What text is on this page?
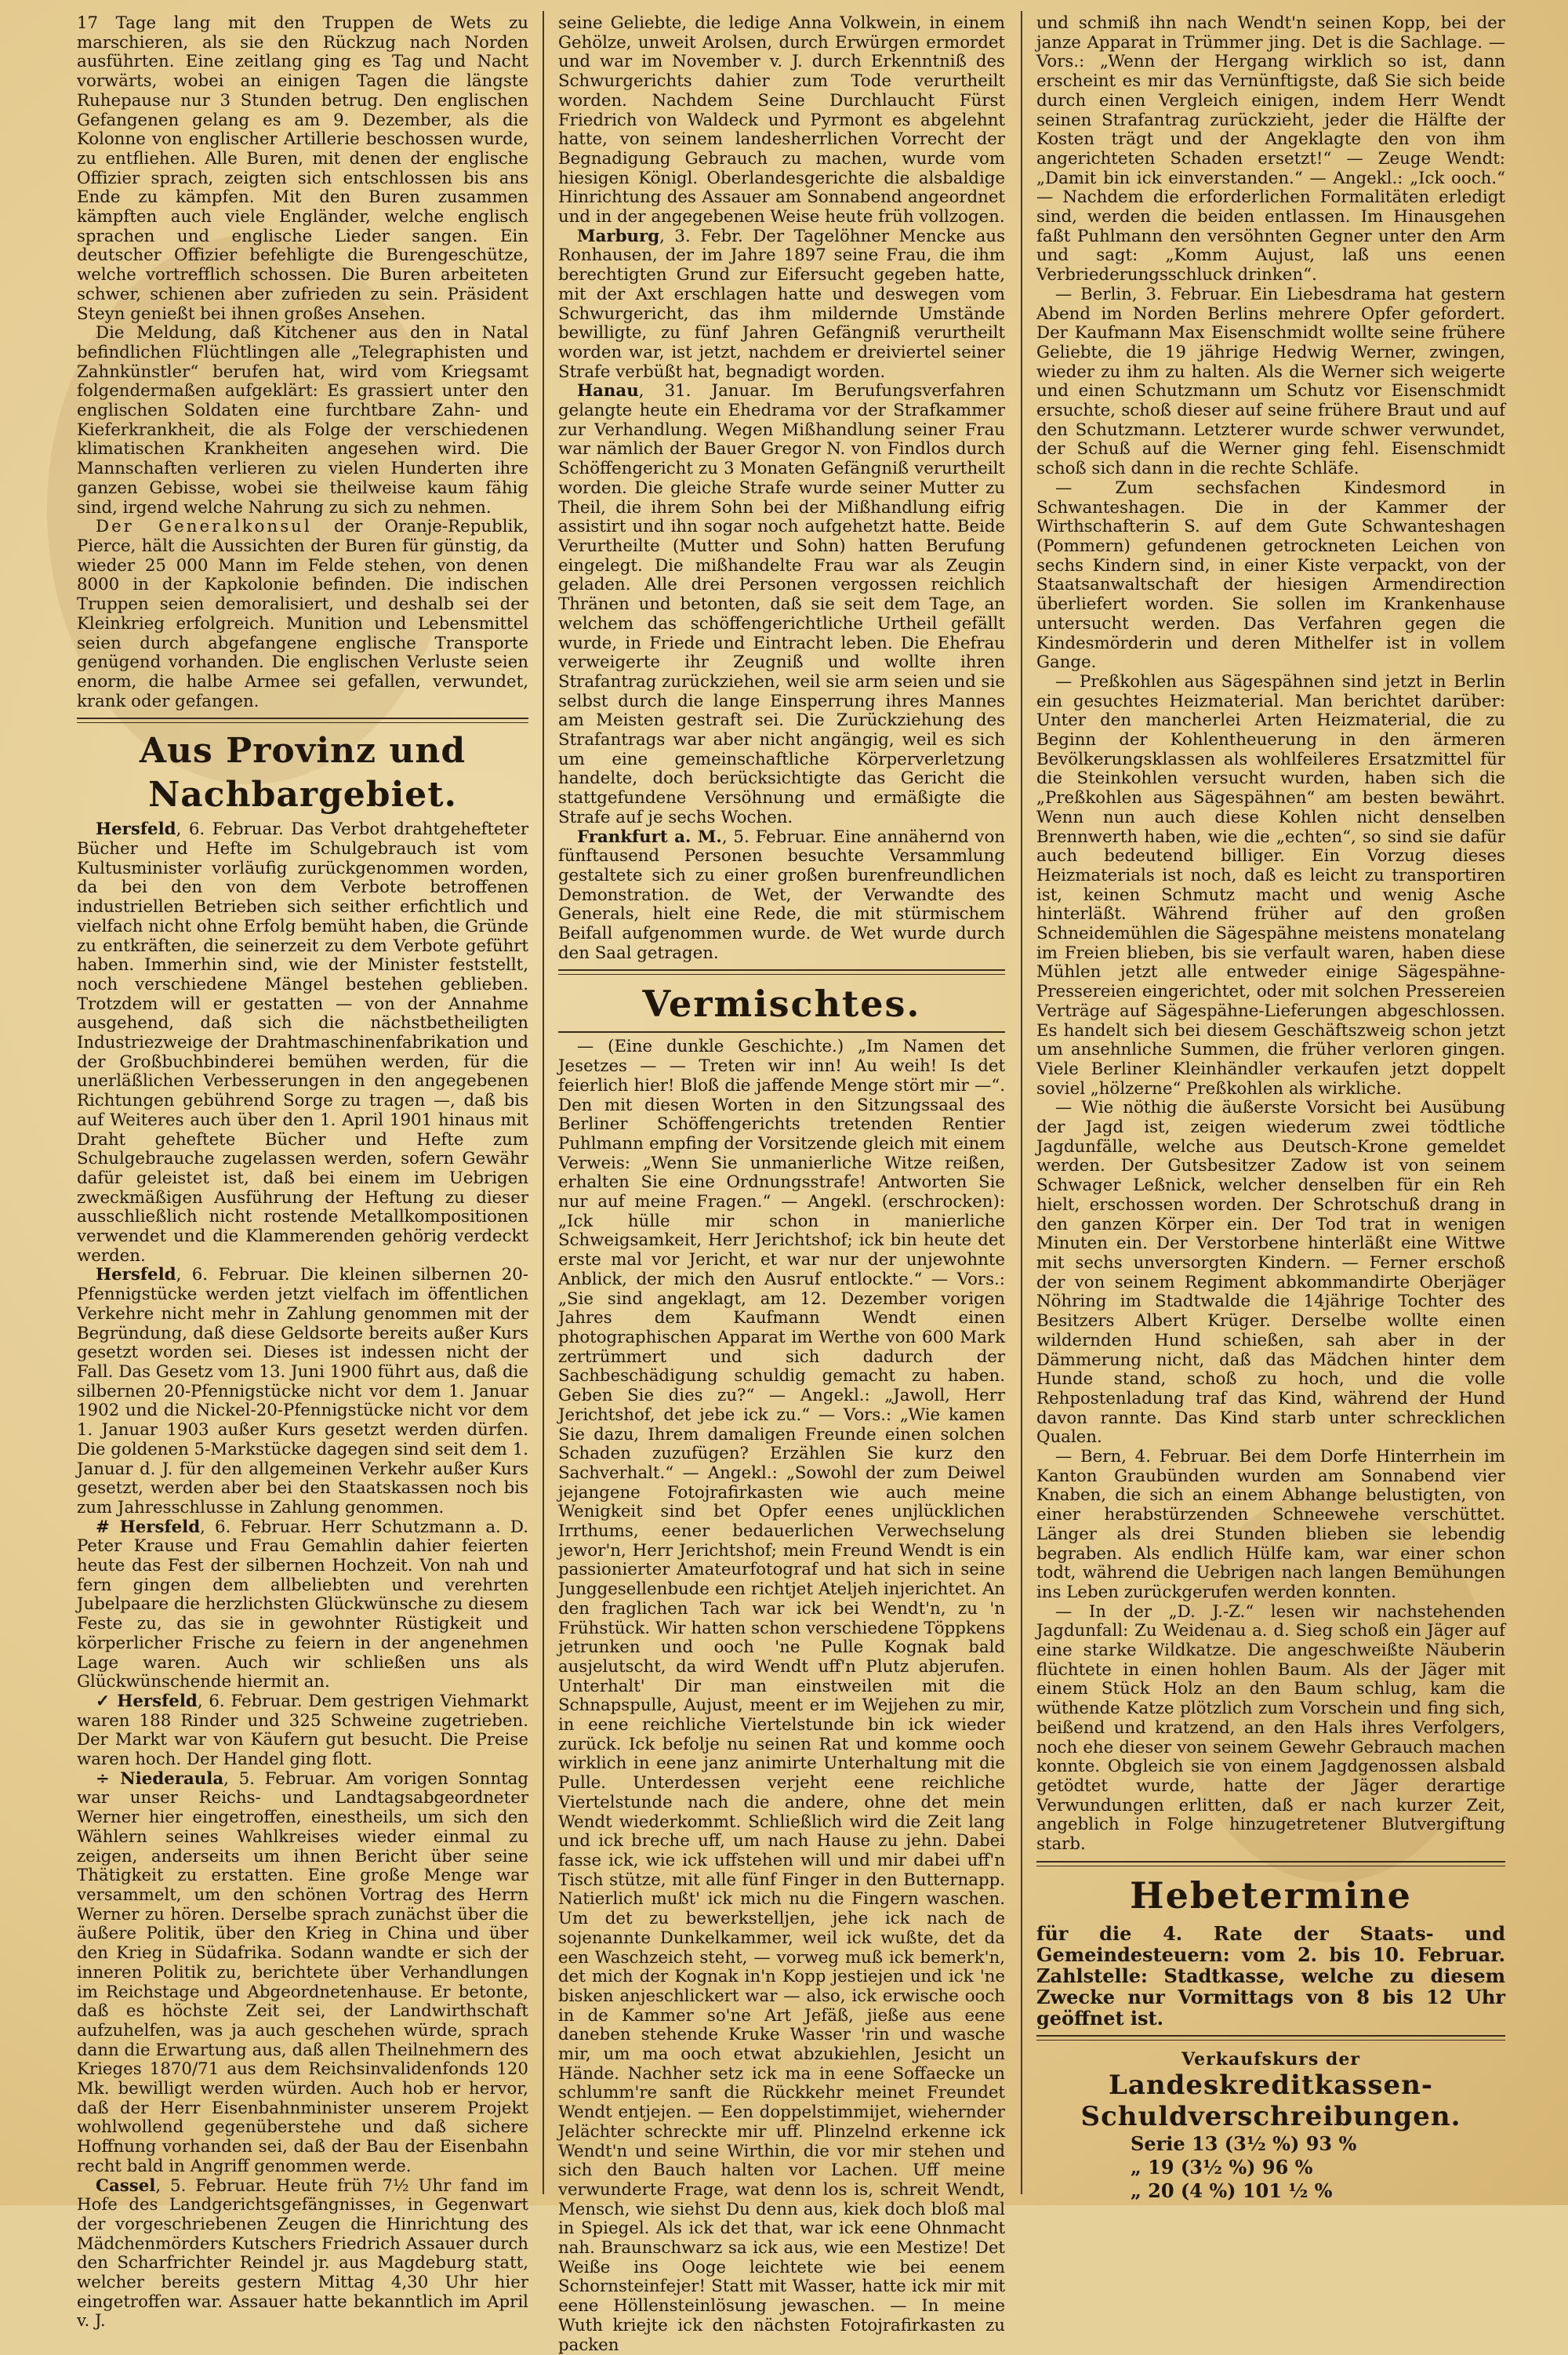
17 Tage lang mit den Truppen de Wets zu marschieren, als sie den Rückzug nach Norden ausführten. Eine zeitlang ging es Tag und Nacht vorwärts, wobei an einigen Tagen die längste Ruhepause nur 3 Stunden betrug. Den englischen Gefangenen gelang es am 9. Dezember, als die Kolonne von englischer Artillerie beschossen wurde, zu entfliehen. Alle Buren, mit denen der englische Offizier sprach, zeigten sich entschlossen bis ans Ende zu kämpfen. Mit den Buren zusammen kämpften auch viele Engländer, welche englisch sprachen und englische Lieder sangen. Ein deutscher Offizier befehligte die Burengeschütze, welche vortrefflich schossen. Die Buren arbeiteten schwer, schienen aber zufrieden zu sein. Präsident Steyn genießt bei ihnen großes Ansehen.

Die Meldung, daß Kitchener aus den in Natal befindlichen Flüchtlingen alle „Telegraphisten und Zahnkünstler“ berufen hat, wird vom Kriegsamt folgendermaßen aufgeklärt: Es grassiert unter den englischen Soldaten eine furchtbare Zahn- und Kieferkrankheit, die als Folge der verschiedenen klimatischen Krankheiten angesehen wird. Die Mannschaften verlieren zu vielen Hunderten ihre ganzen Gebisse, wobei sie theilweise kaum fähig sind, irgend welche Nahrung zu sich zu nehmen.

Der Generalkonsul der Oranje-Republik, Pierce, hält die Aussichten der Buren für günstig, da wieder 25 000 Mann im Felde stehen, von denen 8000 in der Kapkolonie befinden. Die indischen Truppen seien demoralisiert, und deshalb sei der Kleinkrieg erfolgreich. Munition und Lebensmittel seien durch abgefangene englische Transporte genügend vorhanden. Die englischen Verluste seien enorm, die halbe Armee sei gefallen, verwundet, krank oder gefangen.

Aus Provinz und Nachbargebiet.

Hersfeld, 6. Februar. Das Verbot drahtgehefteter Bücher und Hefte im Schulgebrauch ist vom Kultusminister vorläufig zurückgenommen worden, da bei den von dem Verbote betroffenen industriellen Betrieben sich seither erfichtlich und vielfach nicht ohne Erfolg bemüht haben, die Gründe zu entkräften, die seinerzeit zu dem Verbote geführt haben. Immerhin sind, wie der Minister feststellt, noch verschiedene Mängel bestehen geblieben. Trotzdem will er gestatten — von der Annahme ausgehend, daß sich die nächstbetheiligten Industriezweige der Drahtmaschinenfabrikation und der Großbuchbinderei bemühen werden, für die unerläßlichen Verbesserungen in den angegebenen Richtungen gebührend Sorge zu tragen —, daß bis auf Weiteres auch über den 1. April 1901 hinaus mit Draht geheftete Bücher und Hefte zum Schulgebrauche zugelassen werden, sofern Gewähr dafür geleistet ist, daß bei einem im Uebrigen zweckmäßigen Ausführung der Heftung zu dieser ausschließlich nicht rostende Metallkompositionen verwendet und die Klammerenden gehörig verdeckt werden.

Hersfeld, 6. Februar. Die kleinen silbernen 20-Pfennigstücke werden jetzt vielfach im öffentlichen Verkehre nicht mehr in Zahlung genommen mit der Begründung, daß diese Geldsorte bereits außer Kurs gesetzt worden sei. Dieses ist indessen nicht der Fall. Das Gesetz vom 13. Juni 1900 führt aus, daß die silbernen 20-Pfennigstücke nicht vor dem 1. Januar 1902 und die Nickel-20-Pfennigstücke nicht vor dem 1. Januar 1903 außer Kurs gesetzt werden dürfen. Die goldenen 5-Markstücke dagegen sind seit dem 1. Januar d. J. für den allgemeinen Verkehr außer Kurs gesetzt, werden aber bei den Staatskassen noch bis zum Jahresschlusse in Zahlung genommen.

# Hersfeld, 6. Februar. Herr Schutzmann a. D. Peter Krause und Frau Gemahlin dahier feierten heute das Fest der silbernen Hochzeit. Von nah und fern gingen dem allbeliebten und verehrten Jubelpaare die herzlichsten Glückwünsche zu diesem Feste zu, das sie in gewohnter Rüstigkeit und körperlicher Frische zu feiern in der angenehmen Lage waren. Auch wir schließen uns als Glückwünschende hiermit an.

✓ Hersfeld, 6. Februar. Dem gestrigen Viehmarkt waren 188 Rinder und 325 Schweine zugetrieben. Der Markt war von Käufern gut besucht. Die Preise waren hoch. Der Handel ging flott.

÷ Niederaula, 5. Februar. Am vorigen Sonntag war unser Reichs- und Landtagsabgeordneter Werner hier eingetroffen, einestheils, um sich den Wählern seines Wahlkreises wieder einmal zu zeigen, anderseits um ihnen Bericht über seine Thätigkeit zu erstatten. Eine große Menge war versammelt, um den schönen Vortrag des Herrn Werner zu hören. Derselbe sprach zunächst über die äußere Politik, über den Krieg in China und über den Krieg in Südafrika. Sodann wandte er sich der inneren Politik zu, berichtete über Verhandlungen im Reichstage und Abgeordnetenhause. Er betonte, daß es höchste Zeit sei, der Landwirthschaft aufzuhelfen, was ja auch geschehen würde, sprach dann die Erwartung aus, daß allen Theilnehmern des Krieges 1870/71 aus dem Reichsinvalidenfonds 120 Mk. bewilligt werden würden. Auch hob er hervor, daß der Herr Eisenbahnminister unserem Projekt wohlwollend gegenüberstehe und daß sichere Hoffnung vorhanden sei, daß der Bau der Eisenbahn recht bald in Angriff genommen werde.

Cassel, 5. Februar. Heute früh 7½ Uhr fand im Hofe des Landgerichtsgefängnisses, in Gegenwart der vorgeschriebenen Zeugen die Hinrichtung des Mädchenmörders Kutschers Friedrich Assauer durch den Scharfrichter Reindel jr. aus Magdeburg statt, welcher bereits gestern Mittag 4,30 Uhr hier eingetroffen war. Assauer hatte bekanntlich im April v. J.

seine Geliebte, die ledige Anna Volkwein, in einem Gehölze, unweit Arolsen, durch Erwürgen ermordet und war im November v. J. durch Erkenntniß des Schwurgerichts dahier zum Tode verurtheilt worden. Nachdem Seine Durchlaucht Fürst Friedrich von Waldeck und Pyrmont es abgelehnt hatte, von seinem landesherrlichen Vorrecht der Begnadigung Gebrauch zu machen, wurde vom hiesigen Königl. Oberlandesgerichte die alsbaldige Hinrichtung des Assauer am Sonnabend angeordnet und in der angegebenen Weise heute früh vollzogen.

Marburg, 3. Febr. Der Tagelöhner Mencke aus Ronhausen, der im Jahre 1897 seine Frau, die ihm berechtigten Grund zur Eifersucht gegeben hatte, mit der Axt erschlagen hatte und deswegen vom Schwurgericht, das ihm mildernde Umstände bewilligte, zu fünf Jahren Gefängniß verurtheilt worden war, ist jetzt, nachdem er dreiviertel seiner Strafe verbüßt hat, begnadigt worden.

Hanau, 31. Januar. Im Berufungsverfahren gelangte heute ein Ehedrama vor der Strafkammer zur Verhandlung. Wegen Mißhandlung seiner Frau war nämlich der Bauer Gregor N. von Findlos durch Schöffengericht zu 3 Monaten Gefängniß verurtheilt worden. Die gleiche Strafe wurde seiner Mutter zu Theil, die ihrem Sohn bei der Mißhandlung eifrig assistirt und ihn sogar noch aufgehetzt hatte. Beide Verurtheilte (Mutter und Sohn) hatten Berufung eingelegt. Die mißhandelte Frau war als Zeugin geladen. Alle drei Personen vergossen reichlich Thränen und betonten, daß sie seit dem Tage, an welchem das schöffengerichtliche Urtheil gefällt wurde, in Friede und Eintracht leben. Die Ehefrau verweigerte ihr Zeugniß und wollte ihren Strafantrag zurückziehen, weil sie arm seien und sie selbst durch die lange Einsperrung ihres Mannes am Meisten gestraft sei. Die Zurückziehung des Strafantrags war aber nicht angängig, weil es sich um eine gemeinschaftliche Körperverletzung handelte, doch berücksichtigte das Gericht die stattgefundene Versöhnung und ermäßigte die Strafe auf je sechs Wochen.

Frankfurt a. M., 5. Februar. Eine annähernd von fünftausend Personen besuchte Versammlung gestaltete sich zu einer großen burenfreundlichen Demonstration. de Wet, der Verwandte des Generals, hielt eine Rede, die mit stürmischem Beifall aufgenommen wurde. de Wet wurde durch den Saal getragen.

Vermischtes.

— (Eine dunkle Geschichte.) „Im Namen det Jesetzes — — Treten wir inn! Au weih! Is det feierlich hier! Bloß die jaffende Menge stört mir —“. Den mit diesen Worten in den Sitzungssaal des Berliner Schöffengerichts tretenden Rentier Puhlmann empfing der Vorsitzende gleich mit einem Verweis: „Wenn Sie unmanierliche Witze reißen, erhalten Sie eine Ordnungsstrafe! Antworten Sie nur auf meine Fragen.“ — Angekl. (erschrocken): „Ick hülle mir schon in manierliche Schweigsamkeit, Herr Jerichtshof; ick bin heute det erste mal vor Jericht, et war nur der unjewohnte Anblick, der mich den Ausruf entlockte.“ — Vors.: „Sie sind angeklagt, am 12. Dezember vorigen Jahres dem Kaufmann Wendt einen photographischen Apparat im Werthe von 600 Mark zertrümmert und sich dadurch der Sachbeschädigung schuldig gemacht zu haben. Geben Sie dies zu?“ — Angekl.: „Jawoll, Herr Jerichtshof, det jebe ick zu.“ — Vors.: „Wie kamen Sie dazu, Ihrem damaligen Freunde einen solchen Schaden zuzufügen? Erzählen Sie kurz den Sachverhalt.“ — Angekl.: „Sowohl der zum Deiwel jejangene Fotojrafirkasten wie auch meine Wenigkeit sind bet Opfer eenes unjlücklichen Irrthums, eener bedauerlichen Verwechselung jewor'n, Herr Jerichtshof; mein Freund Wendt is ein passionierter Amateurfotograf und hat sich in seine Junggesellenbude een richtjet Ateljeh injerichtet. An den fraglichen Tach war ick bei Wendt'n, zu 'n Frühstück. Wir hatten schon verschiedene Töppkens jetrunken und ooch 'ne Pulle Kognak bald ausjelutscht, da wird Wendt uff'n Plutz abjerufen. Unterhalt' Dir man einstweilen mit die Schnapspulle, Aujust, meent er im Wejjehen zu mir, in eene reichliche Viertelstunde bin ick wieder zurück. Ick befolje nu seinen Rat und komme ooch wirklich in eene janz animirte Unterhaltung mit die Pulle. Unterdessen verjeht eene reichliche Viertelstunde nach die andere, ohne det mein Wendt wiederkommt. Schließlich wird die Zeit lang und ick breche uff, um nach Hause zu jehn. Dabei fasse ick, wie ick uffstehen will und mir dabei uff'n Tisch stütze, mit alle fünf Finger in den Butternapp. Natierlich mußt' ick mich nu die Fingern waschen. Um det zu bewerkstelljen, jehe ick nach de sojenannte Dunkelkammer, weil ick wußte, det da een Waschzeich steht, — vorweg muß ick bemerk'n, det mich der Kognak in'n Kopp jestiejen und ick 'ne bisken anjeschlickert war — also, ick erwische ooch in de Kammer so'ne Art Jefäß, jieße aus eene daneben stehende Kruke Wasser 'rin und wasche mir, um ma ooch etwat abzukiehlen, Jesicht un Hände. Nachher setz ick ma in eene Soffaecke un schlumm're sanft die Rückkehr meinet Freundet Wendt entjejen. — Een doppelstimmijet, wiehernder Jelächter schreckte mir uff. Plinzelnd erkenne ick Wendt'n und seine Wirthin, die vor mir stehen und sich den Bauch halten vor Lachen. Uff meine verwunderte Frage, wat denn los is, schreit Wendt, Mensch, wie siehst Du denn aus, kiek doch bloß mal in Spiegel. Als ick det that, war ick eene Ohnmacht nah. Braunschwarz sa ick aus, wie een Mestize! Det Weiße ins Ooge leichtete wie bei eenem Schornsteinfejer! Statt mit Wasser, hatte ick mir mit eene Höllensteinlösung jewaschen. — In meine Wuth kriejte ick den nächsten Fotojrafirkasten zu packen

und schmiß ihn nach Wendt'n seinen Kopp, bei der janze Apparat in Trümmer jing. Det is die Sachlage. — Vors.: „Wenn der Hergang wirklich so ist, dann erscheint es mir das Vernünftigste, daß Sie sich beide durch einen Vergleich einigen, indem Herr Wendt seinen Strafantrag zurückzieht, jeder die Hälfte der Kosten trägt und der Angeklagte den von ihm angerichteten Schaden ersetzt!“ — Zeuge Wendt: „Damit bin ick einverstanden.“ — Angekl.: „Ick ooch.“ — Nachdem die erforderlichen Formalitäten erledigt sind, werden die beiden entlassen. Im Hinausgehen faßt Puhlmann den versöhnten Gegner unter den Arm und sagt: „Komm Aujust, laß uns eenen Verbriederungsschluck drinken“.

— Berlin, 3. Februar. Ein Liebesdrama hat gestern Abend im Norden Berlins mehrere Opfer gefordert. Der Kaufmann Max Eisenschmidt wollte seine frühere Geliebte, die 19 jährige Hedwig Werner, zwingen, wieder zu ihm zu halten. Als die Werner sich weigerte und einen Schutzmann um Schutz vor Eisenschmidt ersuchte, schoß dieser auf seine frühere Braut und auf den Schutzmann. Letzterer wurde schwer verwundet, der Schuß auf die Werner ging fehl. Eisenschmidt schoß sich dann in die rechte Schläfe.

— Zum sechsfachen Kindesmord in Schwanteshagen. Die in der Kammer der Wirthschafterin S. auf dem Gute Schwanteshagen (Pommern) gefundenen getrockneten Leichen von sechs Kindern sind, in einer Kiste verpackt, von der Staatsanwaltschaft der hiesigen Armendirection überliefert worden. Sie sollen im Krankenhause untersucht werden. Das Verfahren gegen die Kindesmörderin und deren Mithelfer ist in vollem Gange.

— Preßkohlen aus Sägespähnen sind jetzt in Berlin ein gesuchtes Heizmaterial. Man berichtet darüber: Unter den mancherlei Arten Heizmaterial, die zu Beginn der Kohlentheuerung in den ärmeren Bevölkerungsklassen als wohlfeileres Ersatzmittel für die Steinkohlen versucht wurden, haben sich die „Preßkohlen aus Sägespähnen“ am besten bewährt. Wenn nun auch diese Kohlen nicht denselben Brennwerth haben, wie die „echten“, so sind sie dafür auch bedeutend billiger. Ein Vorzug dieses Heizmaterials ist noch, daß es leicht zu transportiren ist, keinen Schmutz macht und wenig Asche hinterläßt. Während früher auf den großen Schneidemühlen die Sägespähne meistens monatelang im Freien blieben, bis sie verfault waren, haben diese Mühlen jetzt alle entweder einige Sägespähne-Pressereien eingerichtet, oder mit solchen Pressereien Verträge auf Sägespähne-Lieferungen abgeschlossen. Es handelt sich bei diesem Geschäftszweig schon jetzt um ansehnliche Summen, die früher verloren gingen. Viele Berliner Kleinhändler verkaufen jetzt doppelt soviel „hölzerne“ Preßkohlen als wirkliche.

— Wie nöthig die äußerste Vorsicht bei Ausübung der Jagd ist, zeigen wiederum zwei tödtliche Jagdunfälle, welche aus Deutsch-Krone gemeldet werden. Der Gutsbesitzer Zadow ist von seinem Schwager Leßnick, welcher denselben für ein Reh hielt, erschossen worden. Der Schrotschuß drang in den ganzen Körper ein. Der Tod trat in wenigen Minuten ein. Der Verstorbene hinterläßt eine Wittwe mit sechs unversorgten Kindern. — Ferner erschoß der von seinem Regiment abkommandirte Oberjäger Nöhring im Stadtwalde die 14jährige Tochter des Besitzers Albert Krüger. Derselbe wollte einen wildernden Hund schießen, sah aber in der Dämmerung nicht, daß das Mädchen hinter dem Hunde stand, schoß zu hoch, und die volle Rehpostenladung traf das Kind, während der Hund davon rannte. Das Kind starb unter schrecklichen Qualen.

— Bern, 4. Februar. Bei dem Dorfe Hinterrhein im Kanton Graubünden wurden am Sonnabend vier Knaben, die sich an einem Abhange belustigten, von einer herabstürzenden Schneewehe verschüttet. Länger als drei Stunden blieben sie lebendig begraben. Als endlich Hülfe kam, war einer schon todt, während die Uebrigen nach langen Bemühungen ins Leben zurückgerufen werden konnten.

— In der „D. J.-Z.“ lesen wir nachstehenden Jagdunfall: Zu Weidenau a. d. Sieg schoß ein Jäger auf eine starke Wildkatze. Die angeschweißte Näuberin flüchtete in einen hohlen Baum. Als der Jäger mit einem Stück Holz an den Baum schlug, kam die wüthende Katze plötzlich zum Vorschein und fing sich, beißend und kratzend, an den Hals ihres Verfolgers, noch ehe dieser von seinem Gewehr Gebrauch machen konnte. Obgleich sie von einem Jagdgenossen alsbald getödtet wurde, hatte der Jäger derartige Verwundungen erlitten, daß er nach kurzer Zeit, angeblich in Folge hinzugetretener Blutvergiftung starb.

Hebetermine
für die 4. Rate der Staats- und Gemeindesteuern: vom 2. bis 10. Februar. Zahlstelle: Stadtkasse, welche zu diesem Zwecke nur Vormittags von 8 bis 12 Uhr geöffnet ist.
Verkaufskurs der
Landeskreditkassen-Schuldverschreibungen.
Serie 13 (3½ %) 93 %
„ 19 (3½ %) 96 %
„ 20 (4 %) 101 ½ %
